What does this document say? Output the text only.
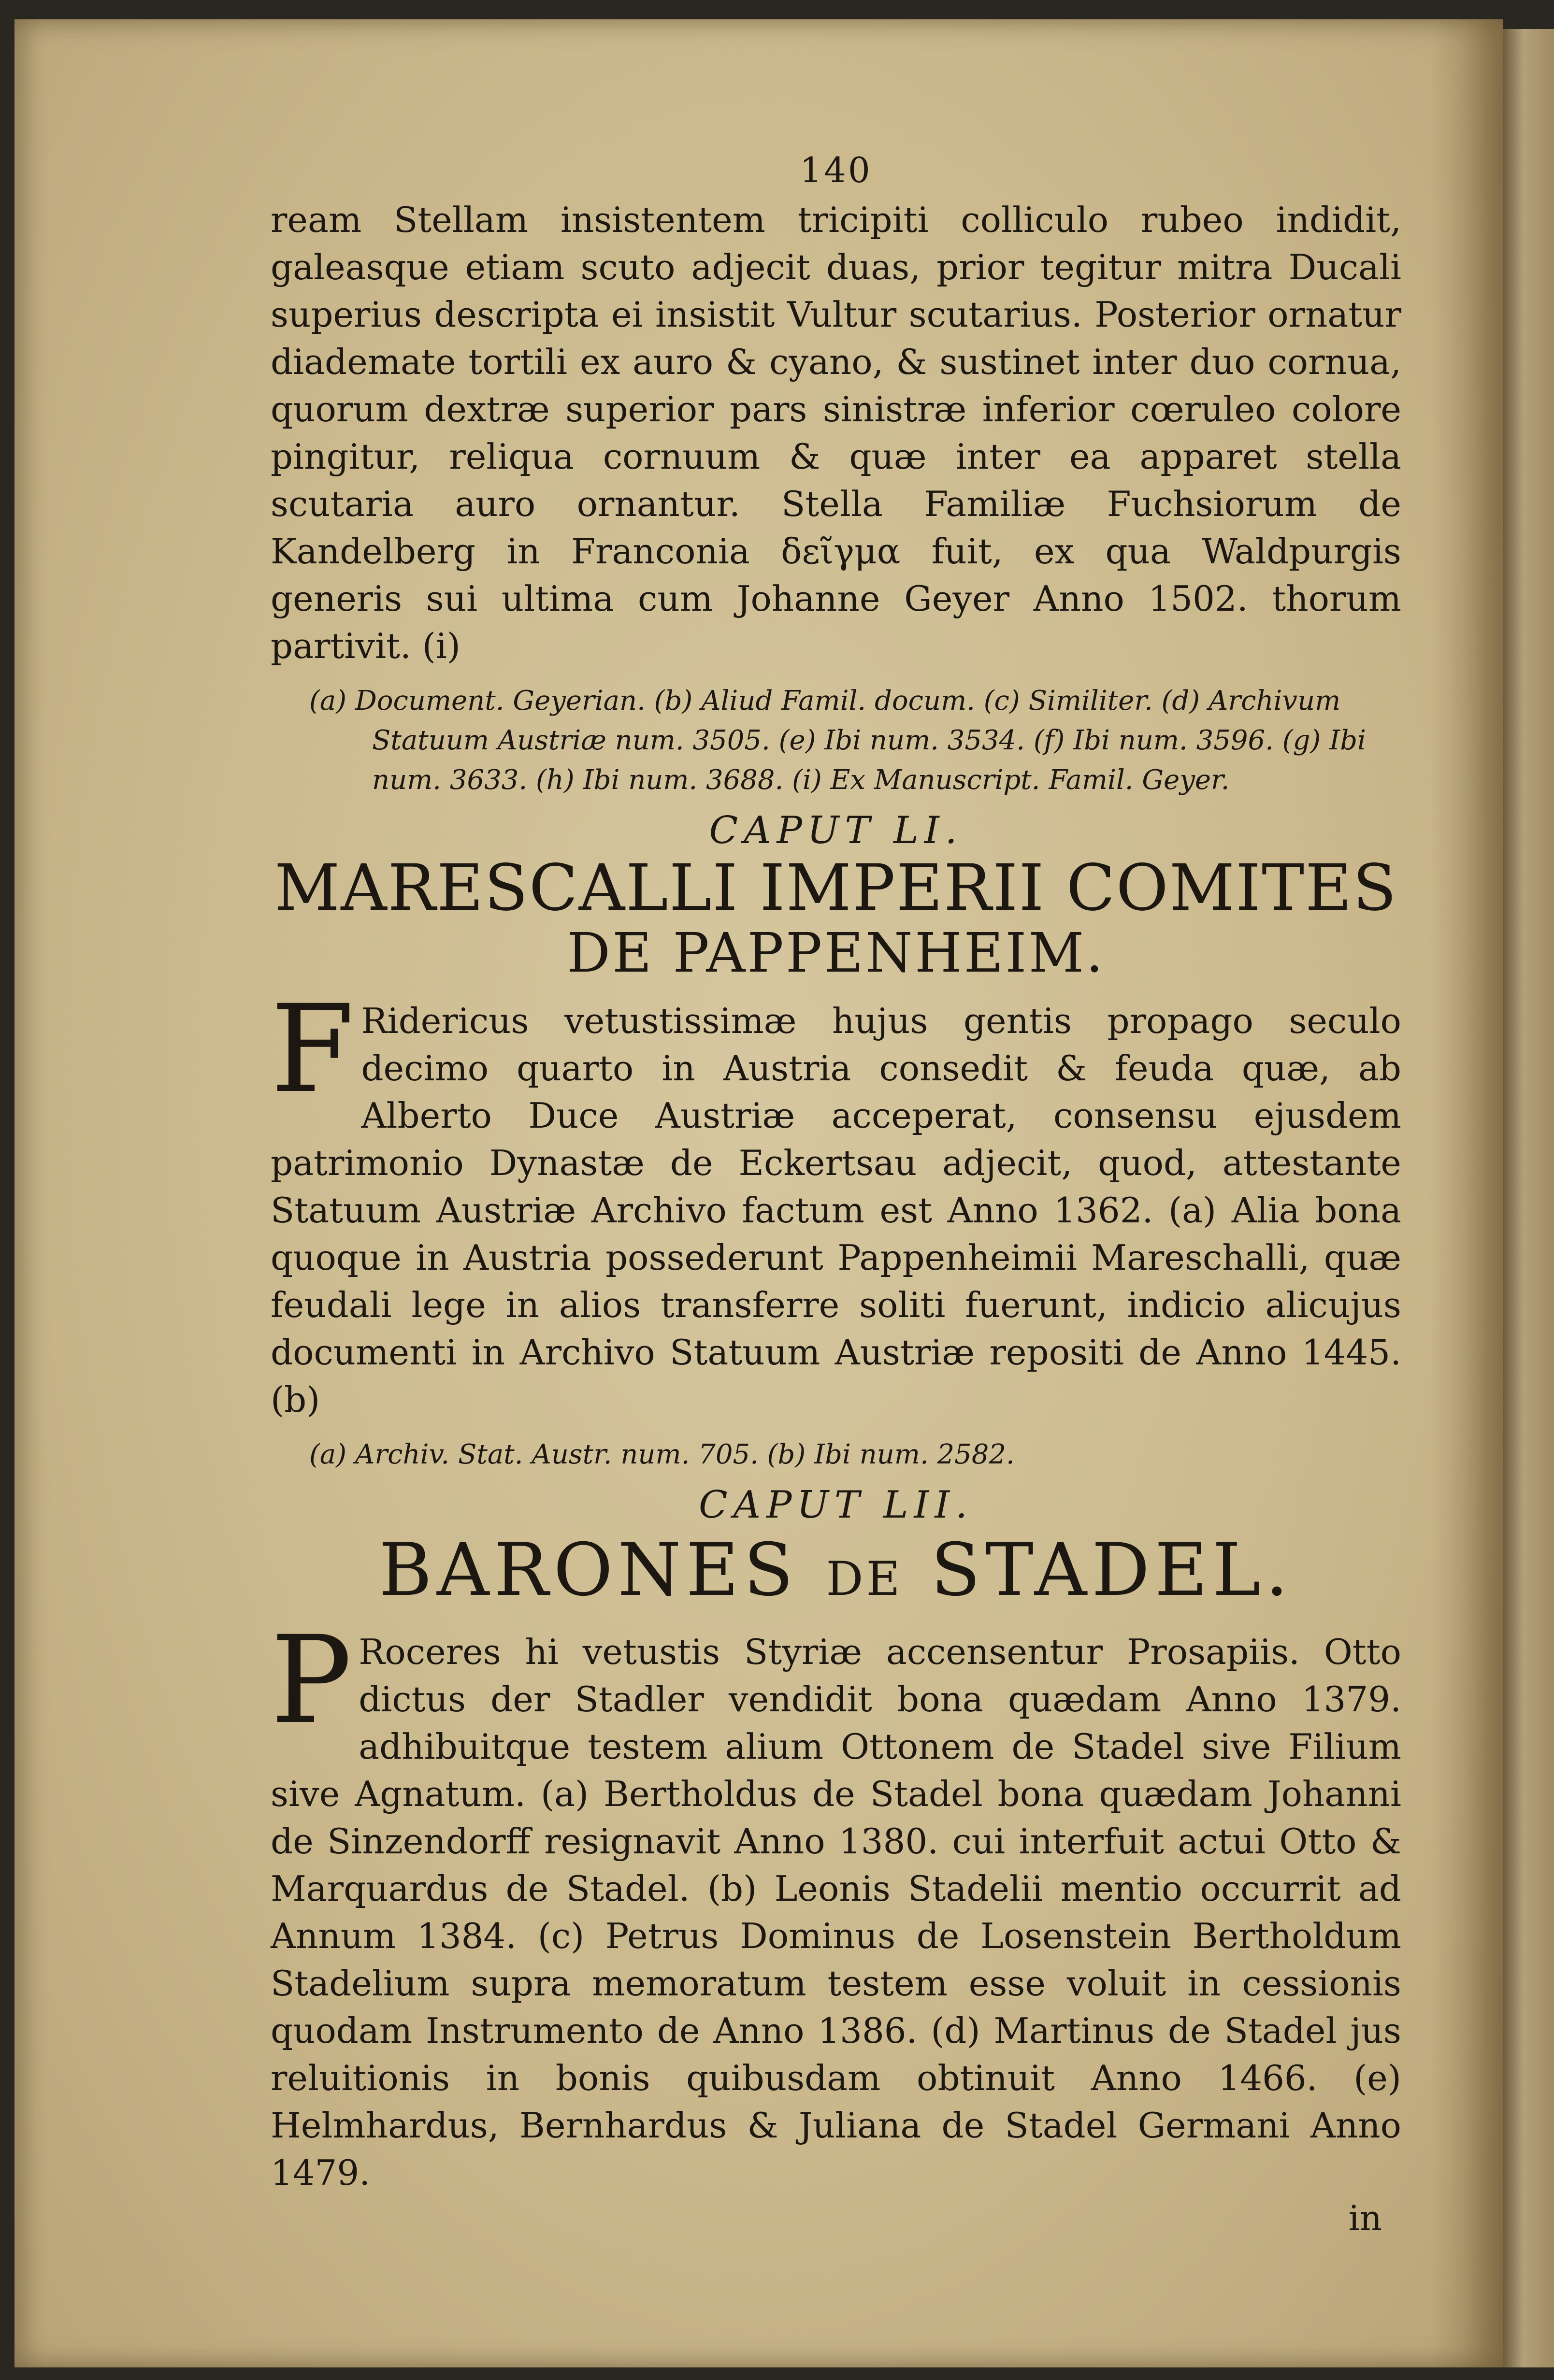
140

ream Stellam insistentem tricipiti colliculo rubeo indidit, galeasque etiam scuto adjecit duas, prior tegitur mitra Ducali superius descripta ei insistit Vultur scutarius. Posterior ornatur diademate tortili ex auro & cyano, & sustinet inter duo cornua, quorum dextræ superior pars sinistræ inferior cœruleo colore pingitur, reliqua cornuum & quæ inter ea apparet stella scutaria auro ornantur. Stella Familiæ Fuchsiorum de Kandelberg in Franconia δεῖγμα fuit, ex qua Waldpurgis generis sui ultima cum Johanne Geyer Anno 1502. thorum partivit. (i)

(a) Document. Geyerian. (b) Aliud Famil. docum. (c) Similiter. (d) Archivum Statuum Austriæ num. 3505. (e) Ibi num. 3534. (f) Ibi num. 3596. (g) Ibi num. 3633. (h) Ibi num. 3688. (i) Ex Manuscript. Famil. Geyer.

CAPUT LI.
MARESCALLI IMPERII COMITES
DE PAPPENHEIM.

F Ridericus vetustissimæ hujus gentis propago seculo decimo quarto in Austria consedit & feuda quæ, ab Alberto Duce Austriæ acceperat, consensu ejusdem patrimonio Dynastæ de Eckertsau adjecit, quod, attestante Statuum Austriæ Archivo factum est Anno 1362. (a) Alia bona quoque in Austria possederunt Pappenheimii Mareschalli, quæ feudali lege in alios transferre soliti fuerunt, indicio alicujus documenti in Archivo Statuum Austriæ repositi de Anno 1445. (b)

(a) Archiv. Stat. Austr. num. 705. (b) Ibi num. 2582.

CAPUT LII.
BARONES DE STADEL.

P Roceres hi vetustis Styriæ accensentur Prosapiis. Otto dictus der Stadler vendidit bona quædam Anno 1379. adhibuitque testem alium Ottonem de Stadel sive Filium sive Agnatum. (a) Bertholdus de Stadel bona quædam Johanni de Sinzendorff resignavit Anno 1380. cui interfuit actui Otto & Marquardus de Stadel. (b) Leonis Stadelii mentio occurrit ad Annum 1384. (c) Petrus Dominus de Losenstein Bertholdum Stadelium supra memoratum testem esse voluit in cessionis quodam Instrumento de Anno 1386. (d) Martinus de Stadel jus reluitionis in bonis quibusdam obtinuit Anno 1466. (e) Helmhardus, Bernhardus & Juliana de Stadel Germani Anno 1479.

in
